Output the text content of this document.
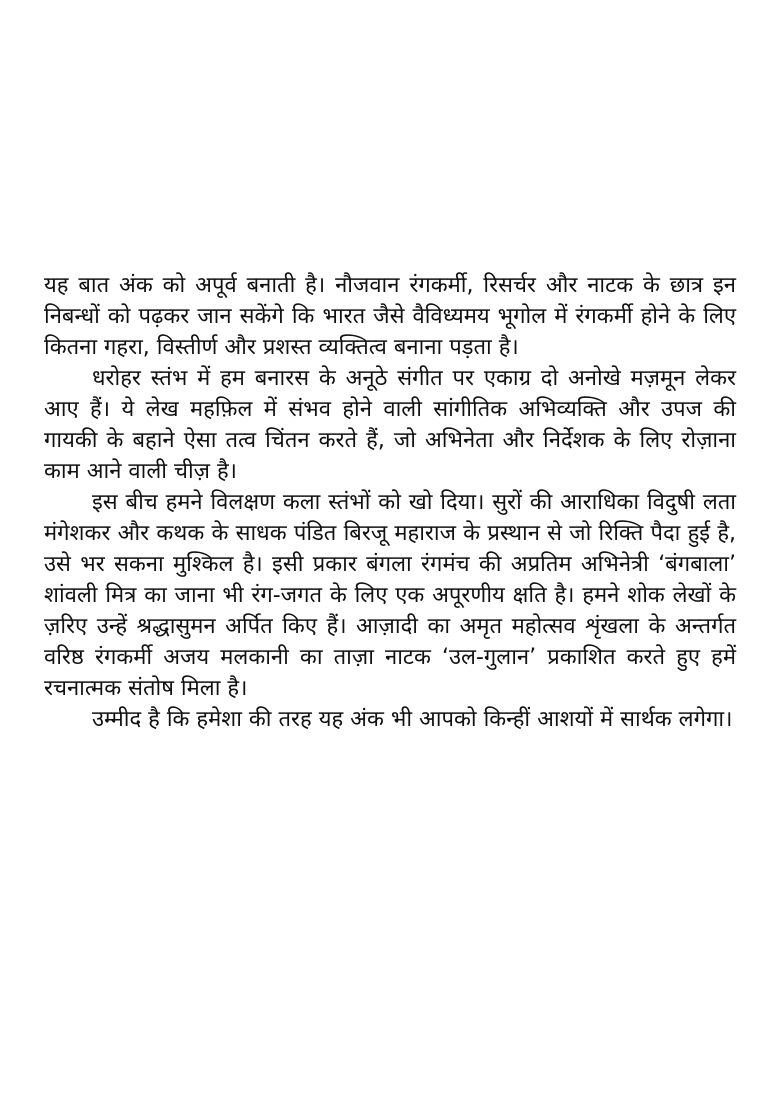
यह बात अंक को अपूर्व बनाती है। नौजवान रंगकर्मी, रिसर्चर और नाटक के छात्र इन निबन्धों को पढ़कर जान सकेंगे कि भारत जैसे वैविध्यमय भूगोल में रंगकर्मी होने के लिए कितना गहरा, विस्तीर्ण और प्रशस्त व्यक्तित्व बनाना पड़ता है।

धरोहर स्तंभ में हम बनारस के अनूठे संगीत पर एकाग्र दो अनोखे मज़मून लेकर आए हैं। ये लेख महफ़िल में संभव होने वाली सांगीतिक अभिव्यक्ति और उपज की गायकी के बहाने ऐसा तत्व चिंतन करते हैं, जो अभिनेता और निर्देशक के लिए रोज़ाना काम आने वाली चीज़ है।

इस बीच हमने विलक्षण कला स्तंभों को खो दिया। सुरों की आराधिका विदुषी लता मंगेशकर और कथक के साधक पंडित बिरजू महाराज के प्रस्थान से जो रिक्ति पैदा हुई है, उसे भर सकना मुश्किल है। इसी प्रकार बंगला रंगमंच की अप्रतिम अभिनेत्री ‘बंगबाला’ शांवली मित्र का जाना भी रंग-जगत के लिए एक अपूरणीय क्षति है। हमने शोक लेखों के ज़रिए उन्हें श्रद्धासुमन अर्पित किए हैं। आज़ादी का अमृत महोत्सव शृंखला के अन्तर्गत वरिष्ठ रंगकर्मी अजय मलकानी का ताज़ा नाटक ‘उल-गुलान’ प्रकाशित करते हुए हमें रचनात्मक संतोष मिला है।

उम्मीद है कि हमेशा की तरह यह अंक भी आपको किन्हीं आशयों में सार्थक लगेगा।
